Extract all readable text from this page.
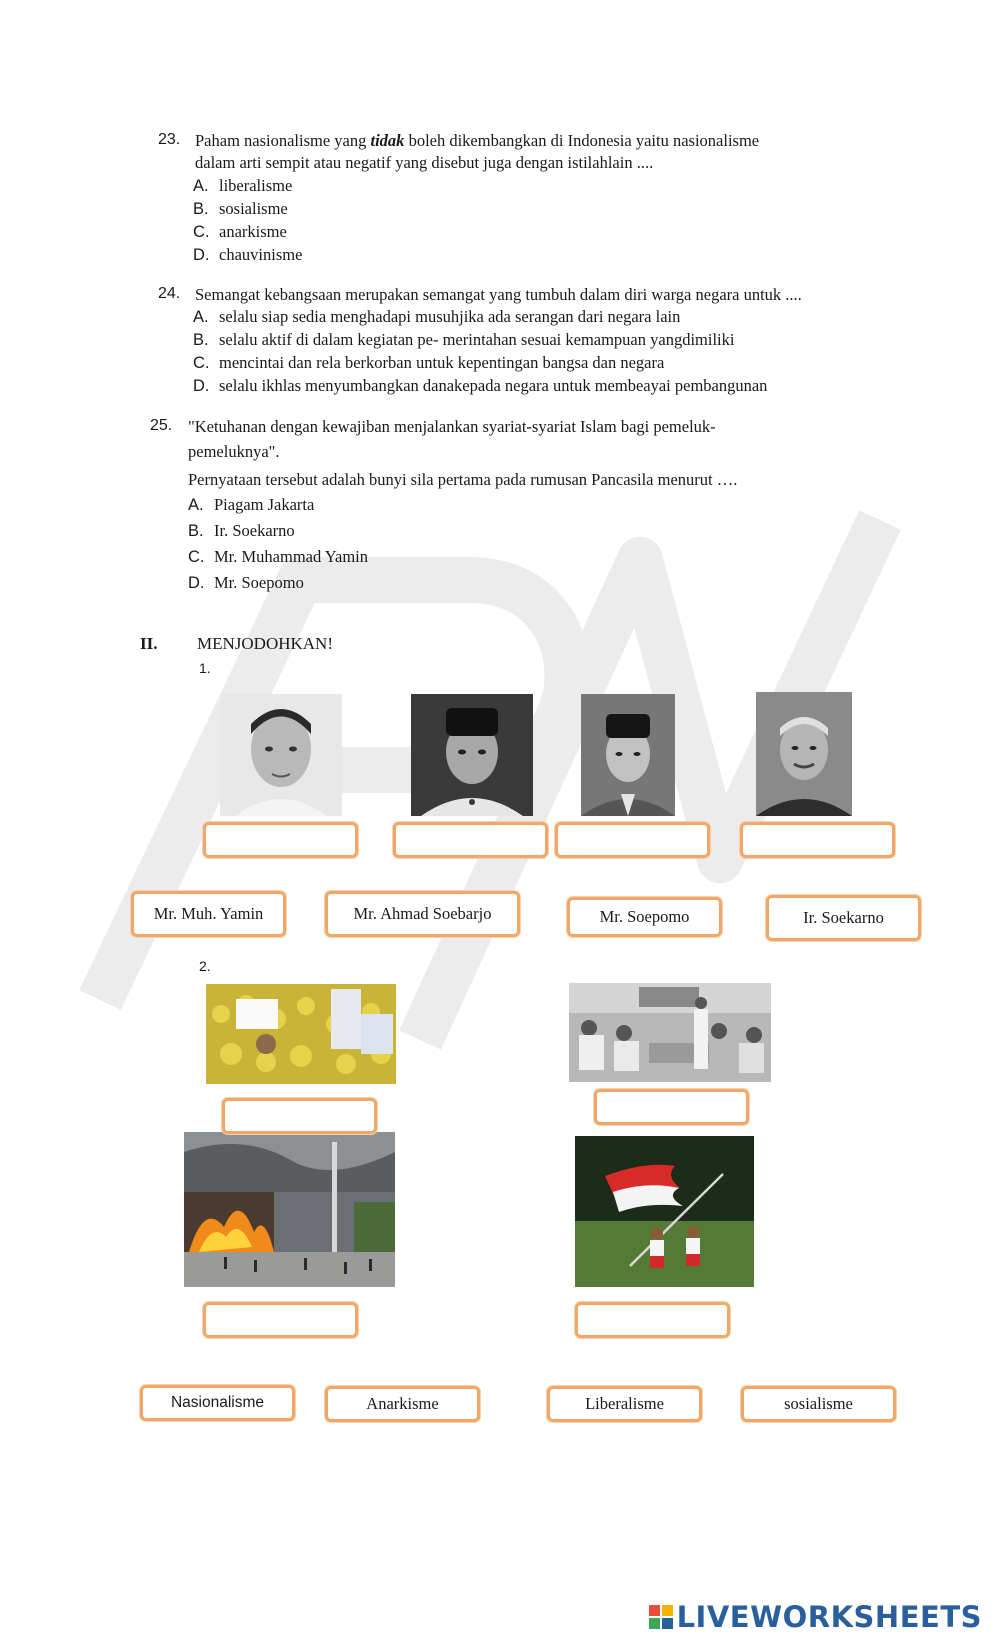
23. Paham nasionalisme yang tidak boleh dikembangkan di Indonesia yaitu nasionalisme
dalam arti sempit atau negatif yang disebut juga dengan istilahlain ....
A. liberalisme
B. sosialisme
C. anarkisme
D. chauvinisme
24. Semangat kebangsaan merupakan semangat yang tumbuh dalam diri warga negara untuk ....
A. selalu siap sedia menghadapi musuhjika ada serangan dari negara lain
B. selalu aktif di dalam kegiatan pe- merintahan sesuai kemampuan yangdimiliki
C. mencintai dan rela berkorban untuk kepentingan bangsa dan negara
D. selalu ikhlas menyumbangkan danakepada negara untuk membeayai pembangunan
25. "Ketuhanan dengan kewajiban menjalankan syariat-syariat Islam bagi pemeluk-
pemeluknya".
Pernyataan tersebut adalah bunyi sila pertama pada rumusan Pancasila menurut ….
A. Piagam Jakarta
B. Ir. Soekarno
C. Mr. Muhammad Yamin
D. Mr. Soepomo
II. MENJODOHKAN!
1.
Mr. Muh. Yamin	Mr. Ahmad Soebarjo	Mr. Soepomo	Ir. Soekarno
2.
Nasionalisme	Anarkisme	Liberalisme	sosialisme
LIVEWORKSHEETS
